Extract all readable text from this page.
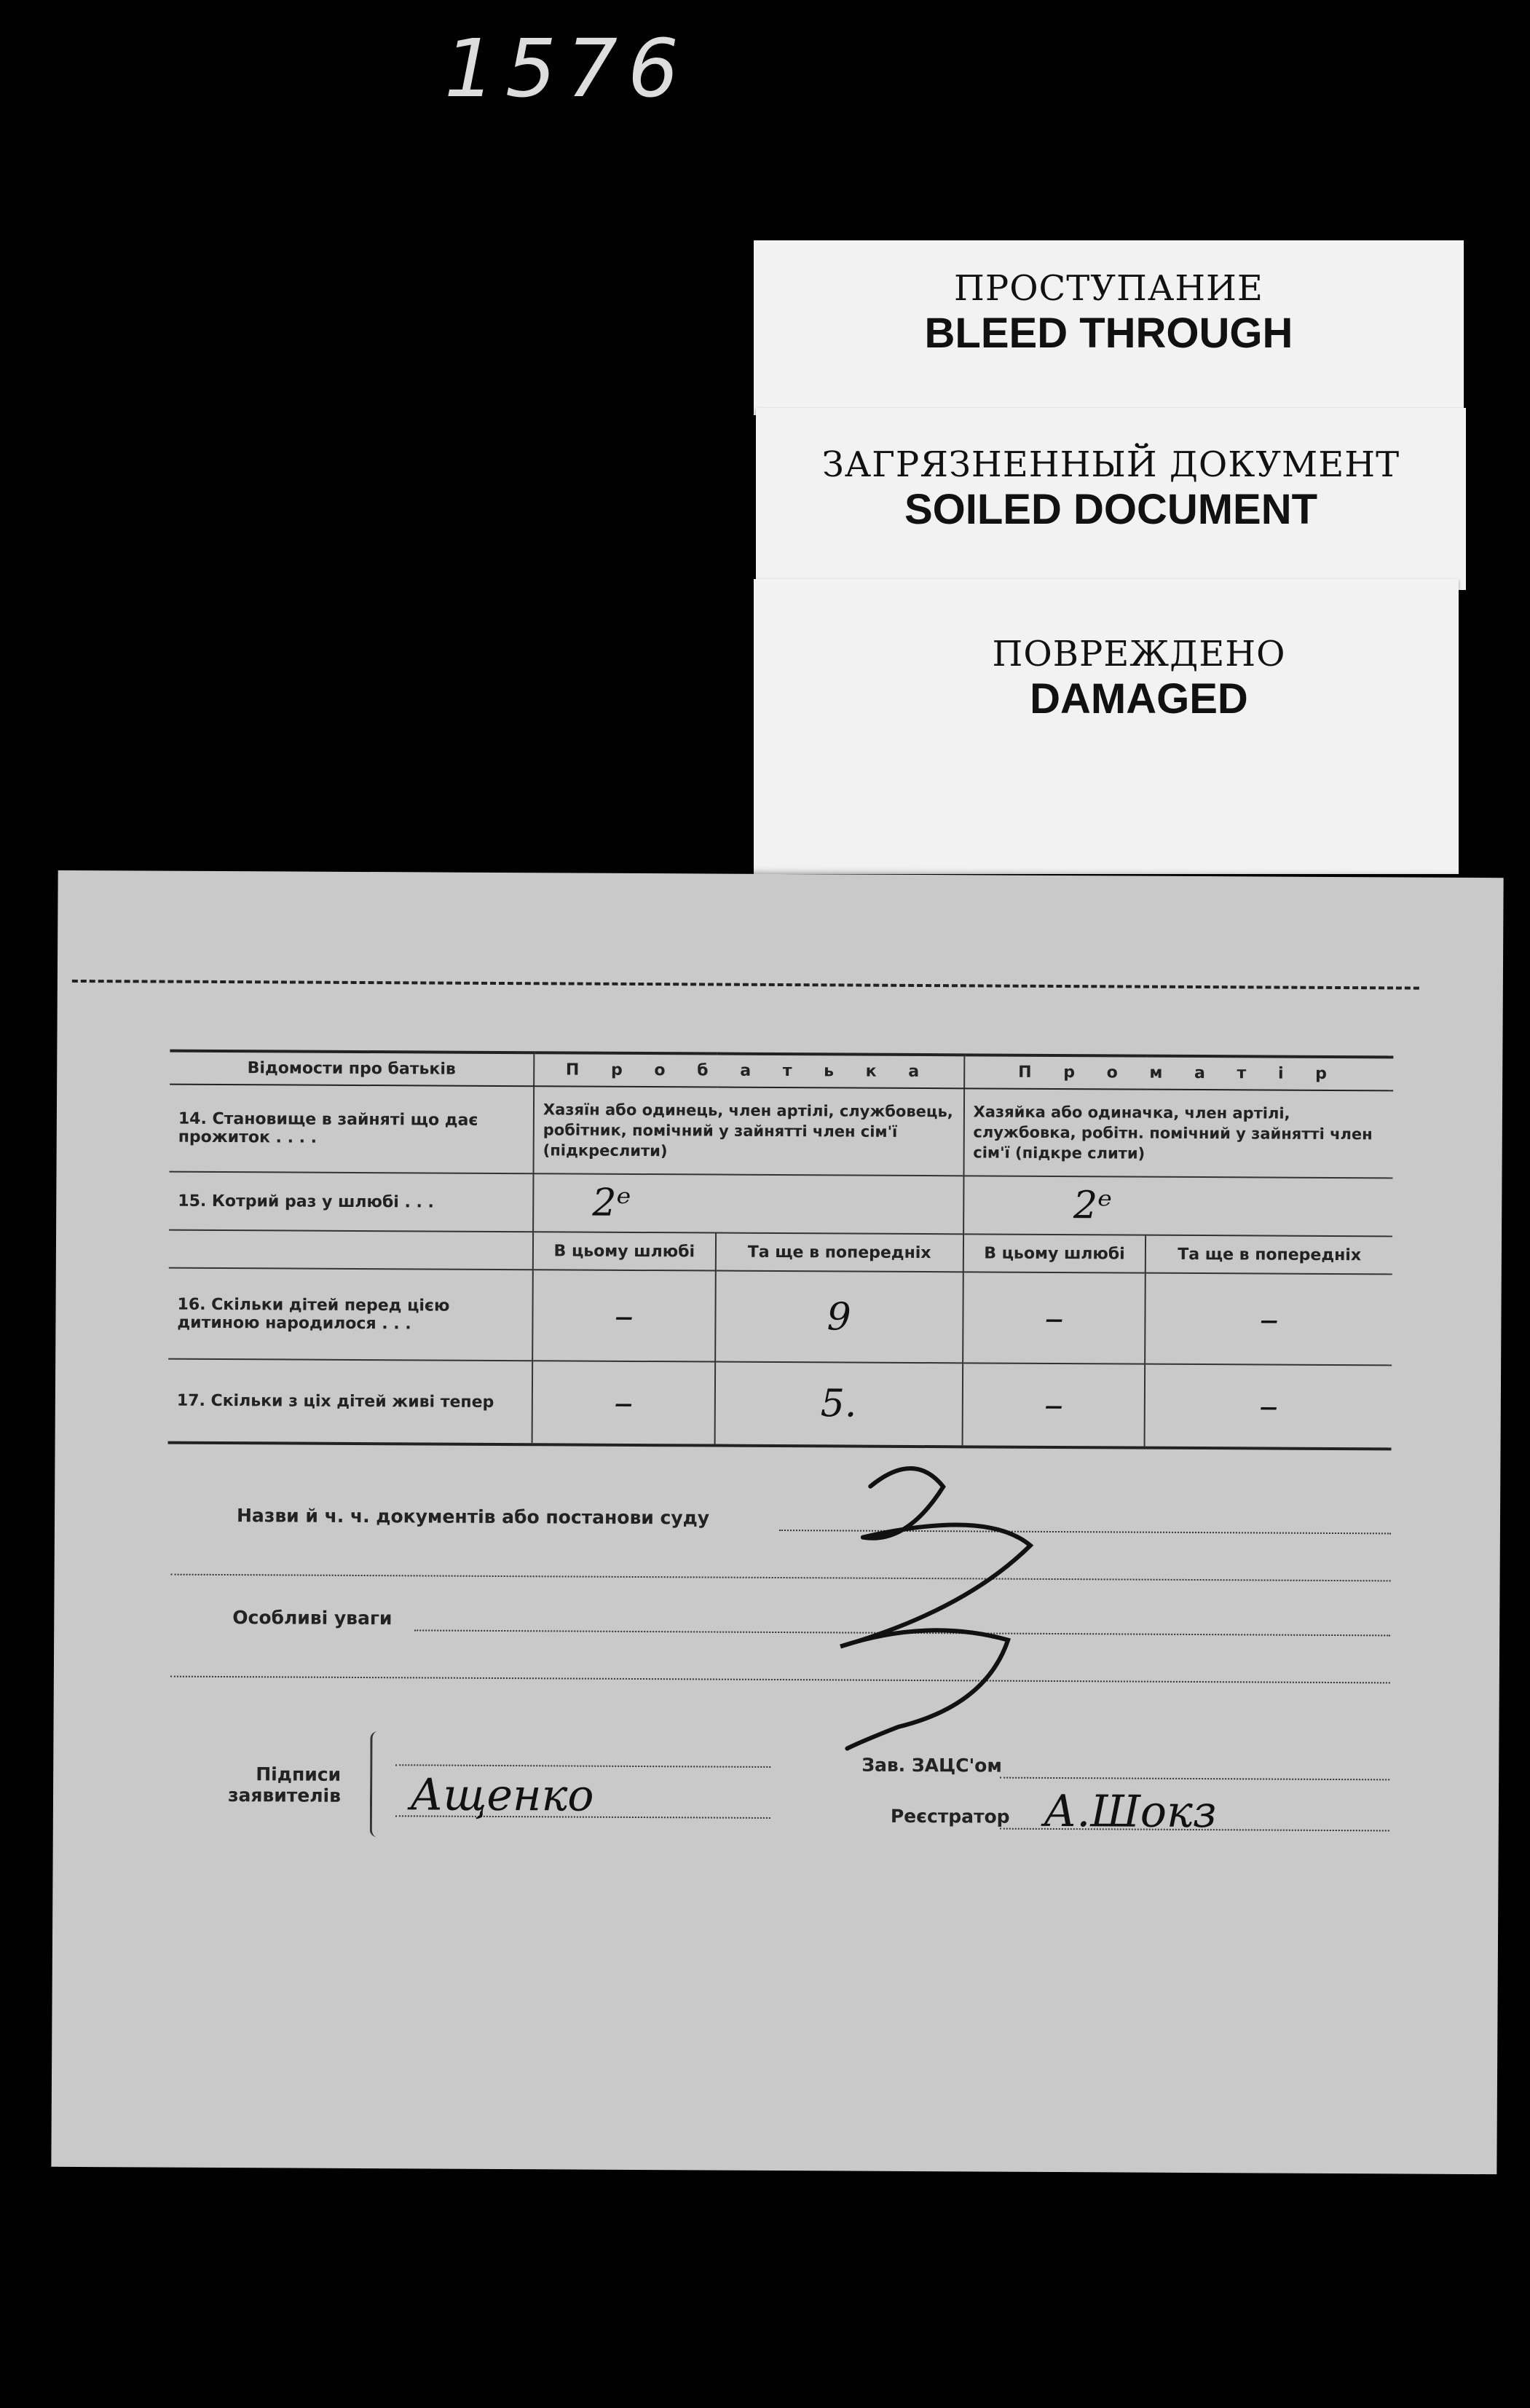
1576
ПРОСТУПАНИЕ
BLEED THROUGH
ЗАГРЯЗНЕННЫЙ ДОКУМЕНТ
SOILED DOCUMENT
ПОВРЕЖДЕНО
DAMAGED
Відомости про батьків	П р о б а т ь к а		П р о м а т і р	
14. Становище в зайняті що дає прожиток . . . .	Хазяїн або одинець, член артілі, службовець, робітник, помічний у зайнятті член сім'ї (підкреслити)		Хазяйка або одиначка, член артілі, службовка, робітн. помічний у зайнятті член сім'ї (підкре слити)	
15. Котрий раз у шлюбі . . .	2ᵉ		2ᵉ	
	В цьому шлюбі	Та ще в попередніх	В цьому шлюбі	Та ще в попередніх
16. Скільки дітей перед цією дитиною народилося . . .	–	9	–	–
17. Скільки з ціх дітей живі тепер	–	5.	–	–
Назви й ч. ч. документів або постанови суду
Особливі уваги
Підписи
заявителів Ащенко
Зав. ЗАЦС'ом
Реєстратор А.Шокз
